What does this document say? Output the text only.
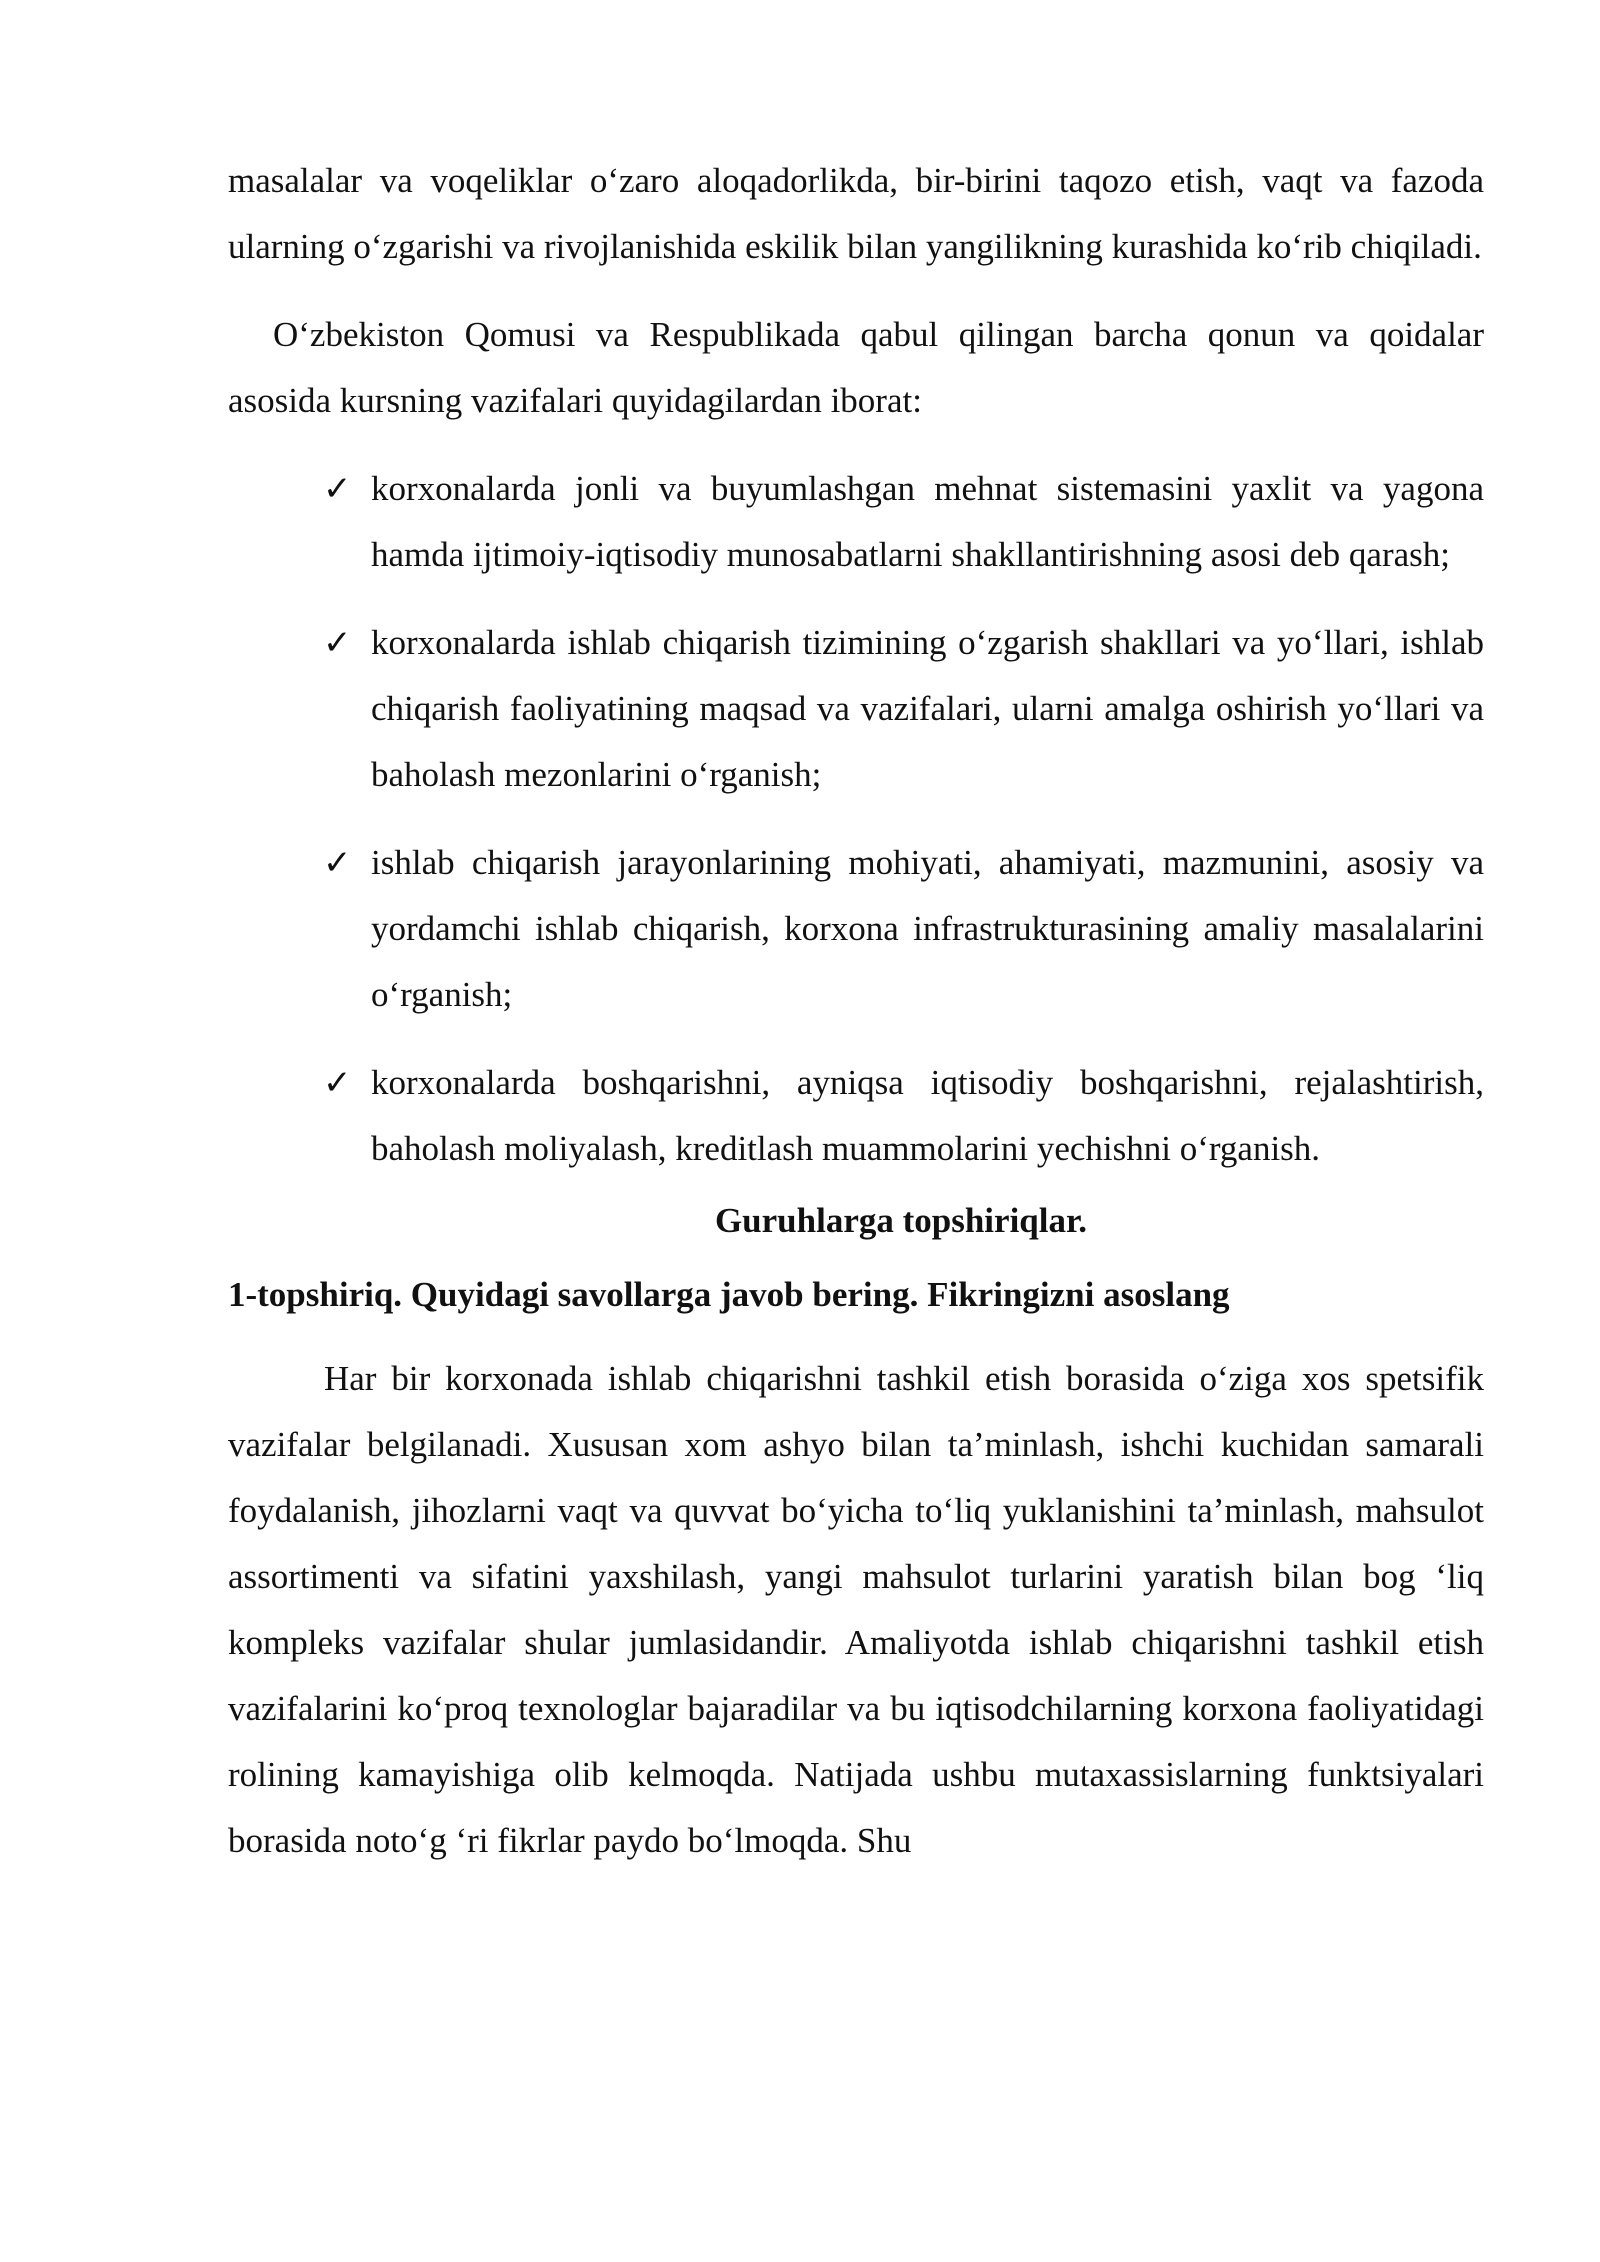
masalalar va voqeliklar o‘zaro aloqadorlikda, bir-birini taqozo etish, vaqt va fazoda ularning o‘zgarishi va rivojlanishida eskilik bilan yangilikning kurashida ko‘rib chiqiladi.

O‘zbekiston Qomusi va Respublikada qabul qilingan barcha qonun va qoidalar asosida kursning vazifalari quyidagilardan iborat:

✓ korxonalarda jonli va buyumlashgan mehnat sistemasini yaxlit va yagona hamda ijtimoiy-iqtisodiy munosabatlarni shakllantirishning asosi deb qarash;
✓ korxonalarda ishlab chiqarish tizimining o‘zgarish shakllari va yo‘llari, ishlab chiqarish faoliyatining maqsad va vazifalari, ularni amalga oshirish yo‘llari va baholash mezonlarini o‘rganish;
✓ ishlab chiqarish jarayonlarining mohiyati, ahamiyati, mazmunini, asosiy va yordamchi ishlab chiqarish, korxona infrastrukturasining amaliy masalalarini o‘rganish;
✓ korxonalarda boshqarishni, ayniqsa iqtisodiy boshqarishni, rejalashtirish, baholash moliyalash, kreditlash muammolarini yechishni o‘rganish.

Guruhlarga topshiriqlar.

1-topshiriq. Quyidagi savollarga javob bering. Fikringizni asoslang

Har bir korxonada ishlab chiqarishni tashkil etish borasida o‘ziga xos spetsifik vazifalar belgilanadi. Xususan xom ashyo bilan ta’minlash, ishchi kuchidan samarali foydalanish, jihozlarni vaqt va quvvat bo‘yicha to‘liq yuklanishini ta’minlash, mahsulot assortimenti va sifatini yaxshilash, yangi mahsulot turlarini yaratish bilan bog ‘liq kompleks vazifalar shular jumlasidandir. Amaliyotda ishlab chiqarishni tashkil etish vazifalarini ko‘proq texnologlar bajaradilar va bu iqtisodchilarning korxona faoliyatidagi rolining kamayishiga olib kelmoqda. Natijada ushbu mutaxassislarning funktsiyalari borasida noto‘g ‘ri fikrlar paydo bo‘lmoqda. Shu
